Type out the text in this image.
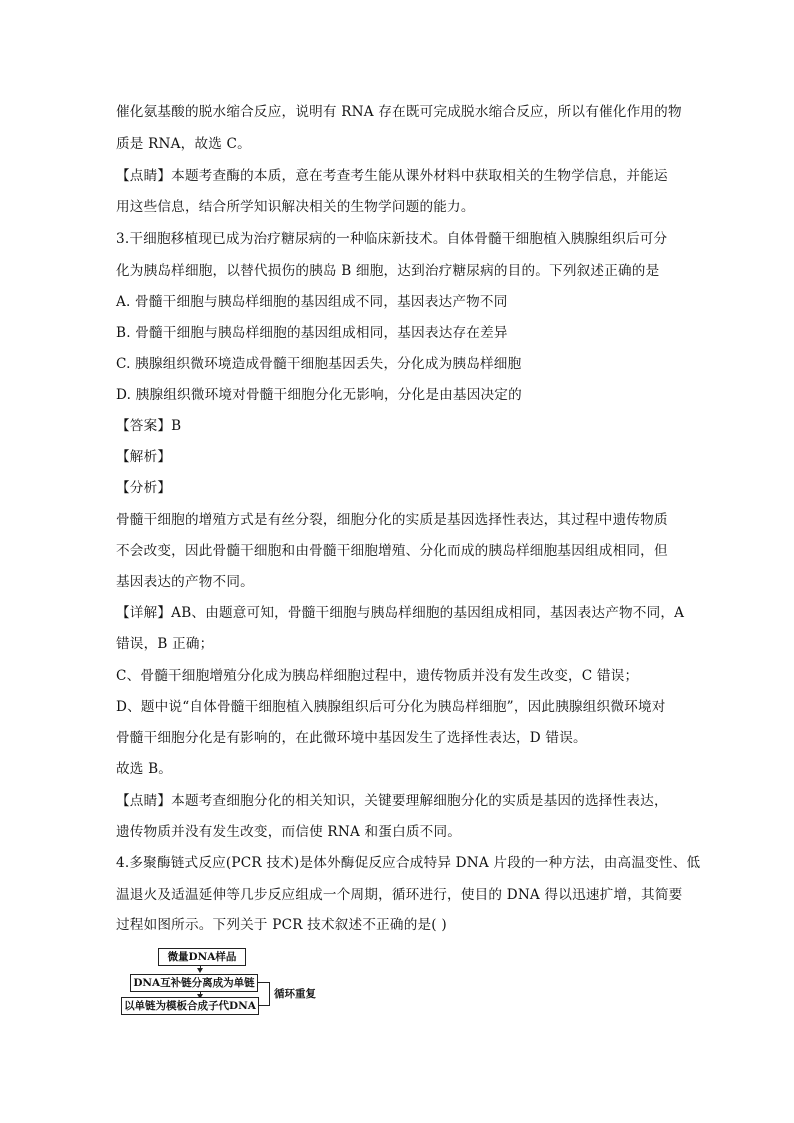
催化氨基酸的脱水缩合反应，说明有 RNA 存在既可完成脱水缩合反应，所以有催化作用的物
质是 RNA，故选 C。
【点睛】本题考查酶的本质，意在考查考生能从课外材料中获取相关的生物学信息，并能运
用这些信息，结合所学知识解决相关的生物学问题的能力。
3.干细胞移植现已成为治疗糖尿病的一种临床新技术。自体骨髓干细胞植入胰腺组织后可分
化为胰岛样细胞，以替代损伤的胰岛 B 细胞，达到治疗糖尿病的目的。下列叙述正确的是
A. 骨髓干细胞与胰岛样细胞的基因组成不同，基因表达产物不同
B. 骨髓干细胞与胰岛样细胞的基因组成相同，基因表达存在差异
C. 胰腺组织微环境造成骨髓干细胞基因丢失，分化成为胰岛样细胞
D. 胰腺组织微环境对骨髓干细胞分化无影响，分化是由基因决定的
【答案】B
【解析】
【分析】
骨髓干细胞的增殖方式是有丝分裂，细胞分化的实质是基因选择性表达，其过程中遗传物质
不会改变，因此骨髓干细胞和由骨髓干细胞增殖、分化而成的胰岛样细胞基因组成相同，但
基因表达的产物不同。
【详解】AB、由题意可知，骨髓干细胞与胰岛样细胞的基因组成相同，基因表达产物不同，A
错误，B 正确；
C、骨髓干细胞增殖分化成为胰岛样细胞过程中，遗传物质并没有发生改变，C 错误；
D、题中说“自体骨髓干细胞植入胰腺组织后可分化为胰岛样细胞”，因此胰腺组织微环境对
骨髓干细胞分化是有影响的，在此微环境中基因发生了选择性表达，D 错误。
故选 B。
【点睛】本题考查细胞分化的相关知识，关键要理解细胞分化的实质是基因的选择性表达，
遗传物质并没有发生改变，而信使 RNA 和蛋白质不同。
4.多聚酶链式反应(PCR 技术)是体外酶促反应合成特异 DNA 片段的一种方法，由高温变性、低
温退火及适温延伸等几步反应组成一个周期，循环进行，使目的 DNA 得以迅速扩增，其简要
过程如图所示。下列关于 PCR 技术叙述不正确的是( )
微量DNA样品
DNA互补链分离成为单链
以单链为模板合成子代DNA
循环重复
